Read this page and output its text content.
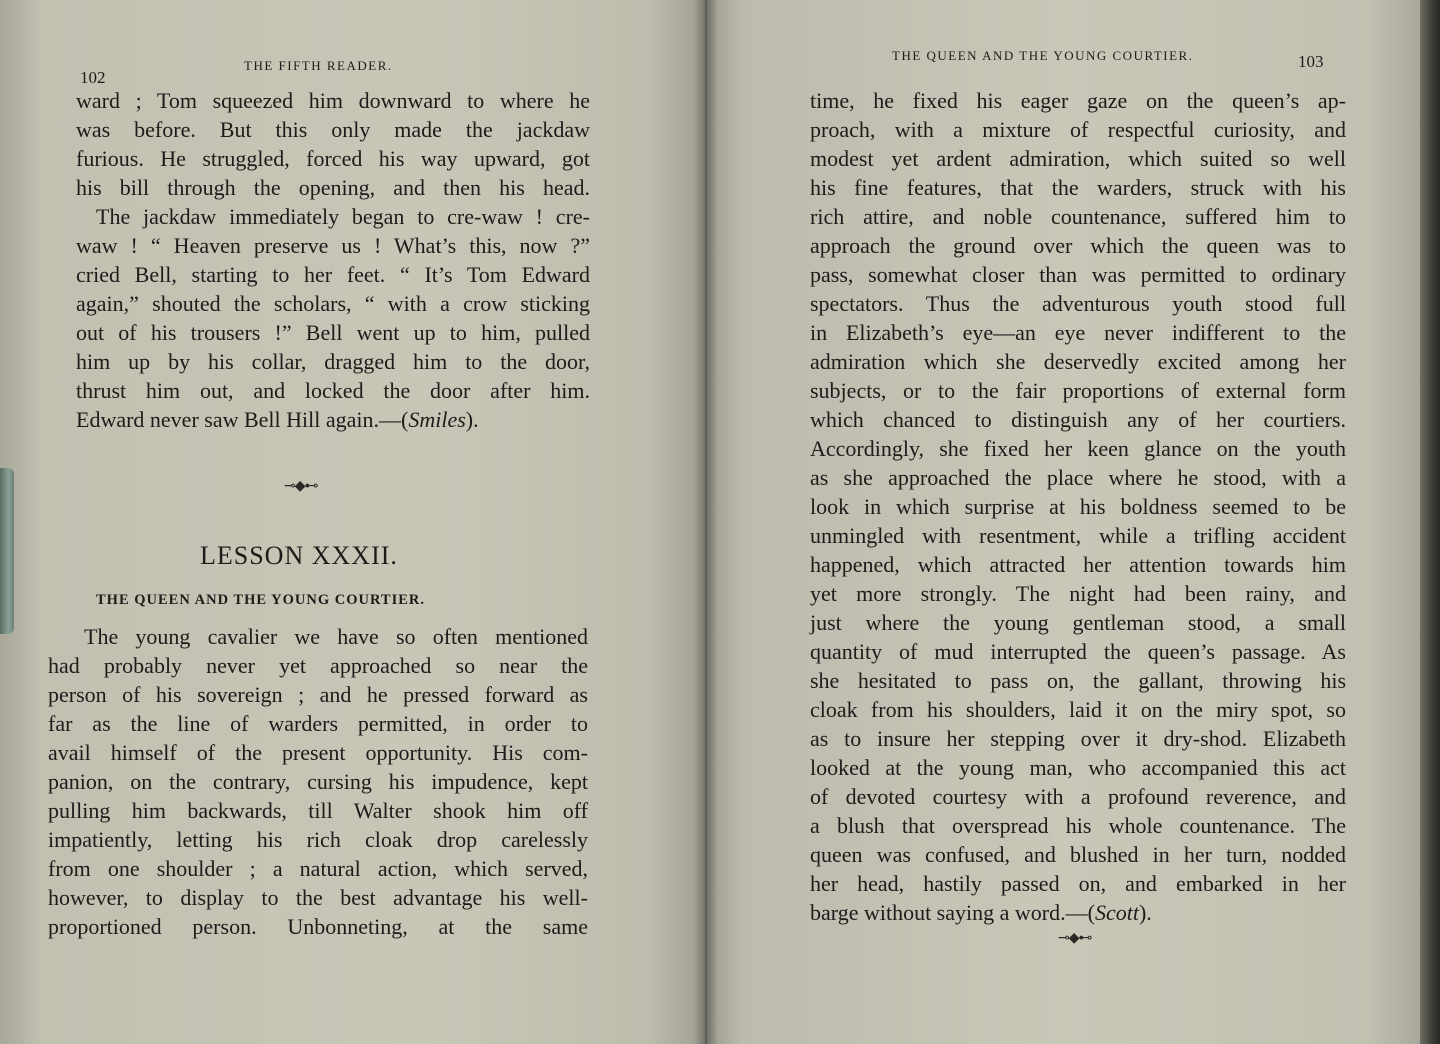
102
THE FIFTH READER.
ward ; Tom squeezed him downward to where he
was before. But this only made the jackdaw
furious. He struggled, forced his way upward, got
his bill through the opening, and then his head.
The jackdaw immediately began to cre-waw ! cre-
waw ! “ Heaven preserve us ! What’s this, now ?”
cried Bell, starting to her feet. “ It’s Tom Edward
again,” shouted the scholars, “ with a crow sticking
out of his trousers !” Bell went up to him, pulled
him up by his collar, dragged him to the door,
thrust him out, and locked the door after him.
Edward never saw Bell Hill again.—(Smiles).
⊸◆⊷
LESSON XXXII.
THE QUEEN AND THE YOUNG COURTIER.
The young cavalier we have so often mentioned
had probably never yet approached so near the
person of his sovereign ; and he pressed forward as
far as the line of warders permitted, in order to
avail himself of the present opportunity. His com-
panion, on the contrary, cursing his impudence, kept
pulling him backwards, till Walter shook him off
impatiently, letting his rich cloak drop carelessly
from one shoulder ; a natural action, which served,
however, to display to the best advantage his well-
proportioned person. Unbonneting, at the same
THE QUEEN AND THE YOUNG COURTIER.	103
time, he fixed his eager gaze on the queen’s ap-
proach, with a mixture of respectful curiosity, and
modest yet ardent admiration, which suited so well
his fine features, that the warders, struck with his
rich attire, and noble countenance, suffered him to
approach the ground over which the queen was to
pass, somewhat closer than was permitted to ordinary
spectators. Thus the adventurous youth stood full
in Elizabeth’s eye—an eye never indifferent to the
admiration which she deservedly excited among her
subjects, or to the fair proportions of external form
which chanced to distinguish any of her courtiers.
Accordingly, she fixed her keen glance on the youth
as she approached the place where he stood, with a
look in which surprise at his boldness seemed to be
unmingled with resentment, while a trifling accident
happened, which attracted her attention towards him
yet more strongly. The night had been rainy, and
just where the young gentleman stood, a small
quantity of mud interrupted the queen’s passage. As
she hesitated to pass on, the gallant, throwing his
cloak from his shoulders, laid it on the miry spot, so
as to insure her stepping over it dry-shod. Elizabeth
looked at the young man, who accompanied this act
of devoted courtesy with a profound reverence, and
a blush that overspread his whole countenance. The
queen was confused, and blushed in her turn, nodded
her head, hastily passed on, and embarked in her
barge without saying a word.—(Scott).
⊸◆⊷
